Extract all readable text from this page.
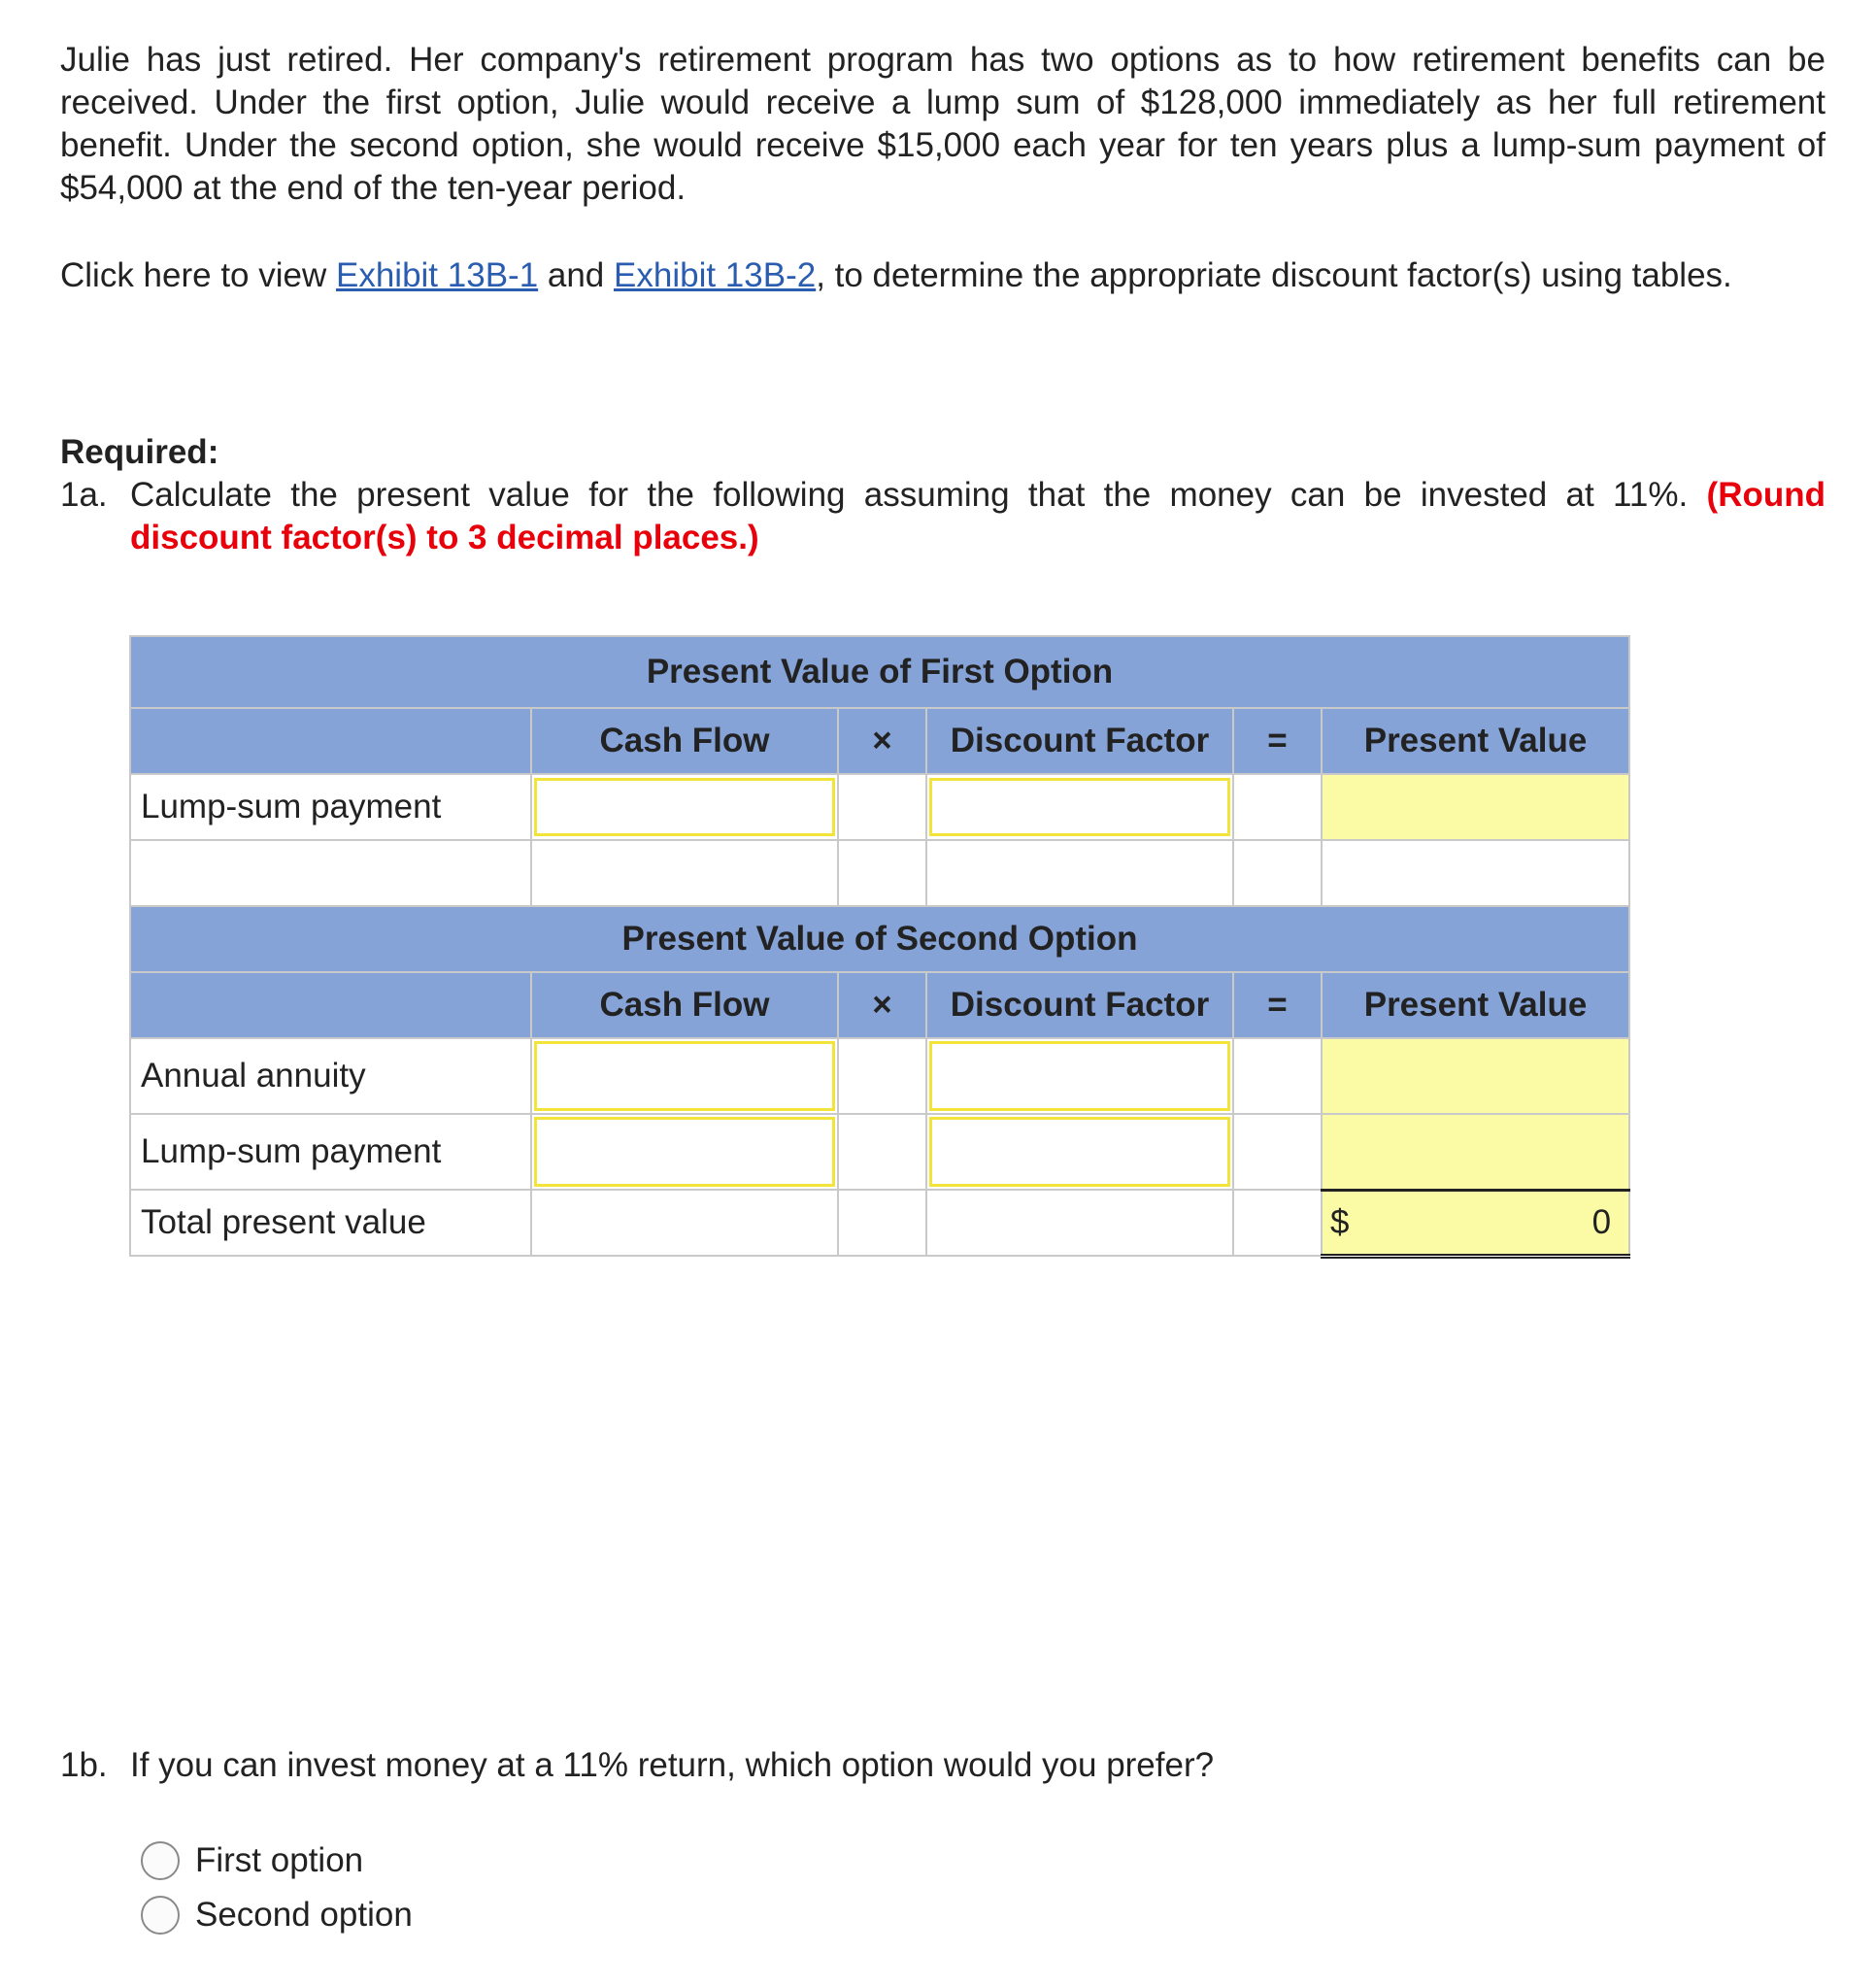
Julie has just retired. Her company's retirement program has two options as to how retirement benefits can be received. Under the first option, Julie would receive a lump sum of $128,000 immediately as her full retirement benefit. Under the second option, she would receive $15,000 each year for ten years plus a lump-sum payment of $54,000 at the end of the ten-year period.

Click here to view Exhibit 13B-1 and Exhibit 13B-2, to determine the appropriate discount factor(s) using tables.

Required:
1a. Calculate the present value for the following assuming that the money can be invested at 11%. (Round discount factor(s) to 3 decimal places.)
Present Value of First Option					
	Cash Flow	×	Discount Factor	=	Present Value
Lump-sum payment	

Present Value of Second Option					
	Cash Flow	×	Discount Factor	=	Present Value
Annual annuity	

Lump-sum payment	

Total present value					$ 0
1b. If you can invest money at a 11% return, which option would you prefer?
First option
Second option
